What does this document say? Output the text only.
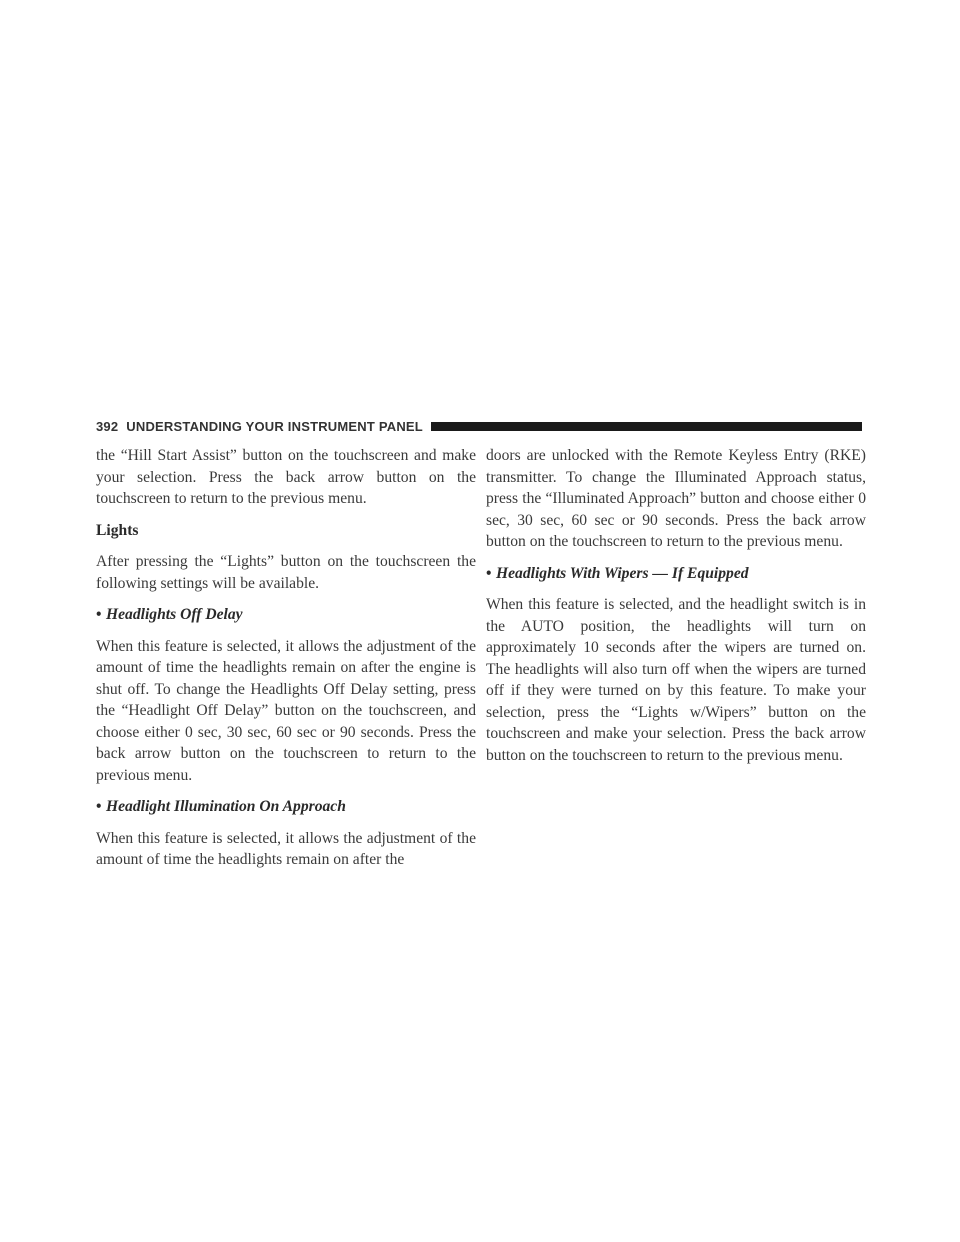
392 UNDERSTANDING YOUR INSTRUMENT PANEL

the “Hill Start Assist” button on the touchscreen and make your selection. Press the back arrow button on the touchscreen to return to the previous menu.

Lights

After pressing the “Lights” button on the touchscreen the following settings will be available.

• Headlights Off Delay

When this feature is selected, it allows the adjustment of the amount of time the headlights remain on after the engine is shut off. To change the Headlights Off Delay setting, press the “Headlight Off Delay” button on the touchscreen, and choose either 0 sec, 30 sec, 60 sec or 90 seconds. Press the back arrow button on the touchscreen to return to the previous menu.

• Headlight Illumination On Approach

When this feature is selected, it allows the adjustment of the amount of time the headlights remain on after the

doors are unlocked with the Remote Keyless Entry (RKE) transmitter. To change the Illuminated Approach status, press the “Illuminated Approach” button and choose either 0 sec, 30 sec, 60 sec or 90 seconds. Press the back arrow button on the touchscreen to return to the previous menu.

• Headlights With Wipers — If Equipped

When this feature is selected, and the headlight switch is in the AUTO position, the headlights will turn on approximately 10 seconds after the wipers are turned on. The headlights will also turn off when the wipers are turned off if they were turned on by this feature. To make your selection, press the “Lights w/Wipers” button on the touchscreen and make your selection. Press the back arrow button on the touchscreen to return to the previous menu.
